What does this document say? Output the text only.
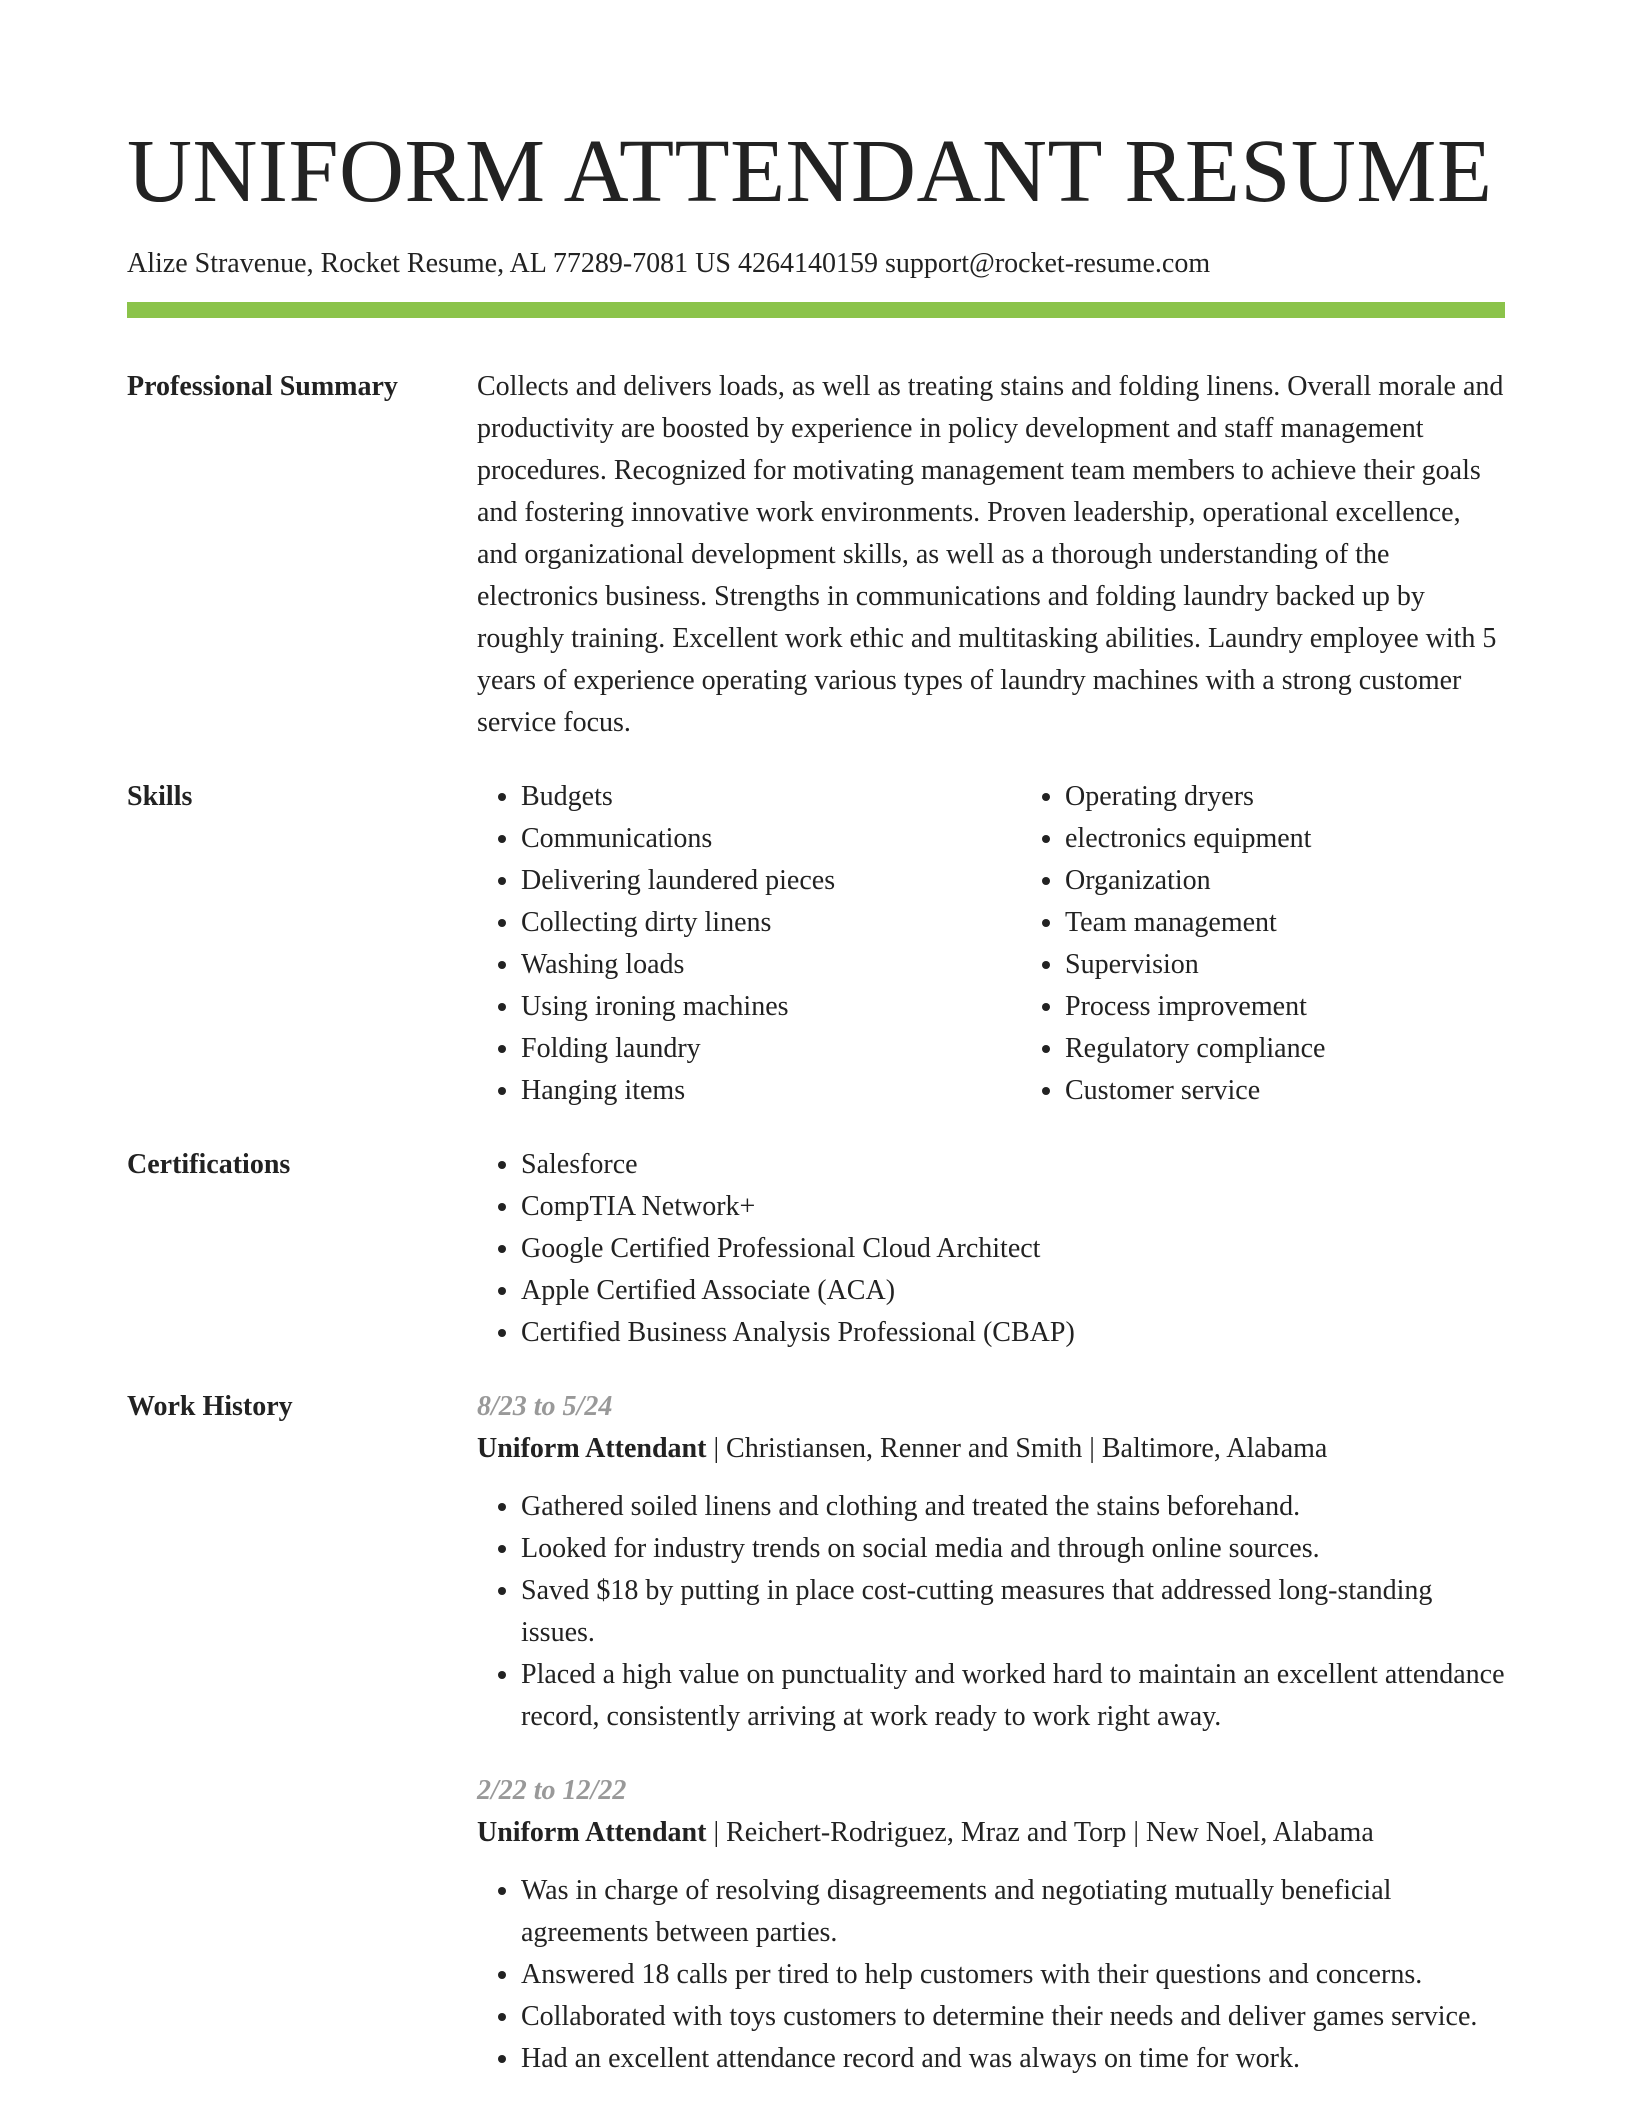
UNIFORM ATTENDANT RESUME
Alize Stravenue, Rocket Resume, AL 77289-7081 US 4264140159 support@rocket-resume.com
Professional Summary	Collects and delivers loads, as well as treating stains and folding linens. Overall morale and productivity are boosted by experience in policy development and staff management procedures. Recognized for motivating management team members to achieve their goals and fostering innovative work environments. Proven leadership, operational excellence, and organizational development skills, as well as a thorough understanding of the electronics business. Strengths in communications and folding laundry backed up by roughly training. Excellent work ethic and multitasking abilities. Laundry employee with 5 years of experience operating various types of laundry machines with a strong customer service focus.
Skills	• Budgets
• Communications
• Delivering laundered pieces
• Collecting dirty linens
• Washing loads
• Using ironing machines
• Folding laundry
• Hanging items
• Operating dryers
• electronics equipment
• Organization
• Team management
• Supervision
• Process improvement
• Regulatory compliance
• Customer service
Certifications	• Salesforce
• CompTIA Network+
• Google Certified Professional Cloud Architect
• Apple Certified Associate (ACA)
• Certified Business Analysis Professional (CBAP)
Work History	8/23 to 5/24
Uniform Attendant | Christiansen, Renner and Smith | Baltimore, Alabama
• Gathered soiled linens and clothing and treated the stains beforehand.
• Looked for industry trends on social media and through online sources.
• Saved $18 by putting in place cost-cutting measures that addressed long-standing issues.
• Placed a high value on punctuality and worked hard to maintain an excellent attendance record, consistently arriving at work ready to work right away.
2/22 to 12/22
Uniform Attendant | Reichert-Rodriguez, Mraz and Torp | New Noel, Alabama
• Was in charge of resolving disagreements and negotiating mutually beneficial agreements between parties.
• Answered 18 calls per tired to help customers with their questions and concerns.
• Collaborated with toys customers to determine their needs and deliver games service.
• Had an excellent attendance record and was always on time for work.
